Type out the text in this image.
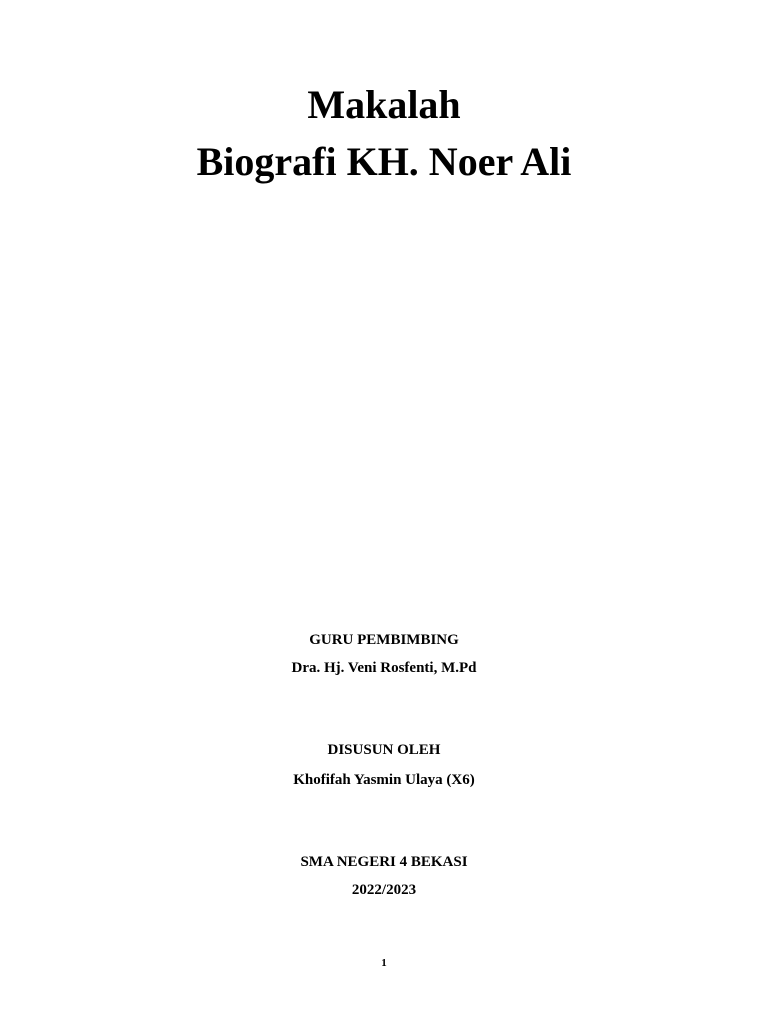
Makalah
Biografi KH. Noer Ali
GURU PEMBIMBING
Dra. Hj. Veni Rosfenti, M.Pd
DISUSUN OLEH
Khofifah Yasmin Ulaya (X6)
SMA NEGERI 4 BEKASI
2022/2023
1
